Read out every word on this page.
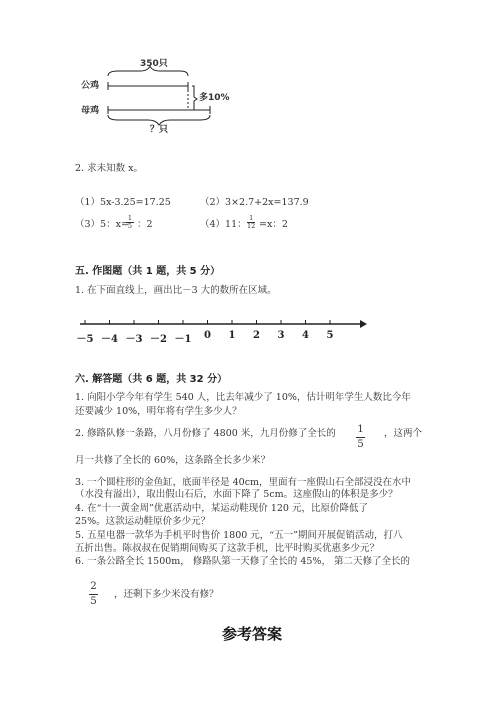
350只
公鸡
多10%
母鸡
？只
2. 求未知数 x。
（1）5x-3.25=17.25	（2）3×2.7+2x=137.9
（3）5：x=
1
5 ：2	（4）11：
1
12 =x：2
五. 作图题（共 1 题，共 5 分）
1. 在下面直线上，画出比－3 大的数所在区域。
－5 －4 －3 －2 －1	0	1	2	3	4	5
六. 解答题（共 6 题，共 32 分）
1. 向阳小学今年有学生 540 人，比去年减少了 10%，估计明年学生人数比今年
还要减少 10%，明年将有学生多少人？
2. 修路队修一条路，八月份修了 4800 米，九月份修了全长的 1
5
，这两个
月一共修了全长的 60%，这条路全长多少米？
3. 一个圆柱形的金鱼缸，底面半径是 40cm，里面有一座假山石全部浸没在水中
（水没有溢出），取出假山石后，水面下降了 5cm。这座假山的体积是多少？
4. 在“十一黄金周”优惠活动中，某运动鞋现价 120 元，比原价降低了
25%。这款运动鞋原价多少元？
5. 五星电器一款华为手机平时售价 1800 元，“五一”期间开展促销活动，打八
五折出售。陈叔叔在促销期间购买了这款手机，比平时购买优惠多少元？
6. 一条公路全长 1500m， 修路队第一天修了全长的 45%， 第二天修了全长的
2
5
，还剩下多少米没有修？
参考答案
